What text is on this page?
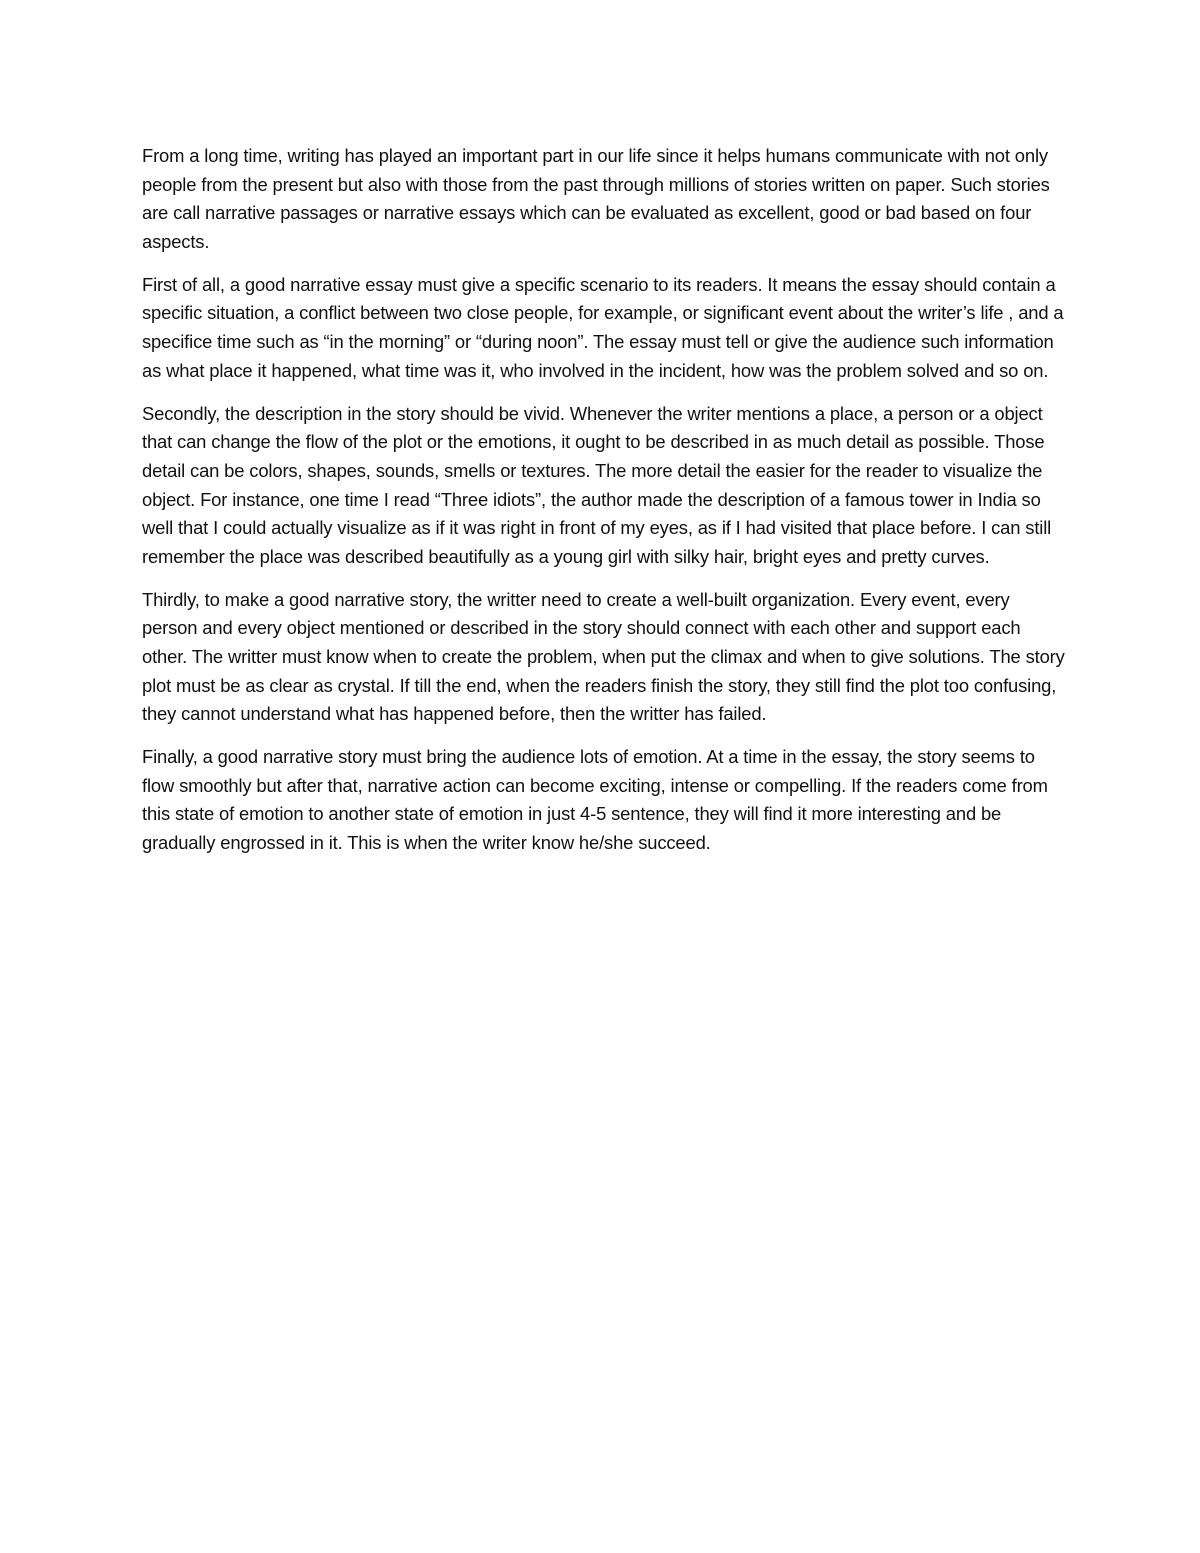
From a long time, writing has played an important part in our life since it helps humans communicate with not only people from the present but also with those from the past through millions of stories written on paper. Such stories are call narrative passages or narrative essays which can be evaluated as excellent, good or bad based on four aspects.

First of all, a good narrative essay must give a specific scenario to its readers. It means the essay should contain a specific situation, a conflict between two close people, for example, or significant event about the writer’s life , and a specifice time such as “in the morning” or “during noon”. The essay must tell or give the audience such information as what place it happened, what time was it, who involved in the incident, how was the problem solved and so on.

Secondly, the description in the story should be vivid. Whenever the writer mentions a place, a person or a object that can change the flow of the plot or the emotions, it ought to be described in as much detail as possible. Those detail can be colors, shapes, sounds, smells or textures. The more detail the easier for the reader to visualize the object. For instance, one time I read “Three idiots”, the author made the description of a famous tower in India so well that I could actually visualize as if it was right in front of my eyes, as if I had visited that place before. I can still remember the place was described beautifully as a young girl with silky hair, bright eyes and pretty curves.

Thirdly, to make a good narrative story, the writter need to create a well-built organization. Every event, every person and every object mentioned or described in the story should connect with each other and support each other. The writter must know when to create the problem, when put the climax and when to give solutions. The story plot must be as clear as crystal. If till the end, when the readers finish the story, they still find the plot too confusing, they cannot understand what has happened before, then the writter has failed.

Finally, a good narrative story must bring the audience lots of emotion. At a time in the essay, the story seems to flow smoothly but after that, narrative action can become exciting, intense or compelling. If the readers come from this state of emotion to another state of emotion in just 4-5 sentence, they will find it more interesting and be gradually engrossed in it. This is when the writer know he/she succeed.
